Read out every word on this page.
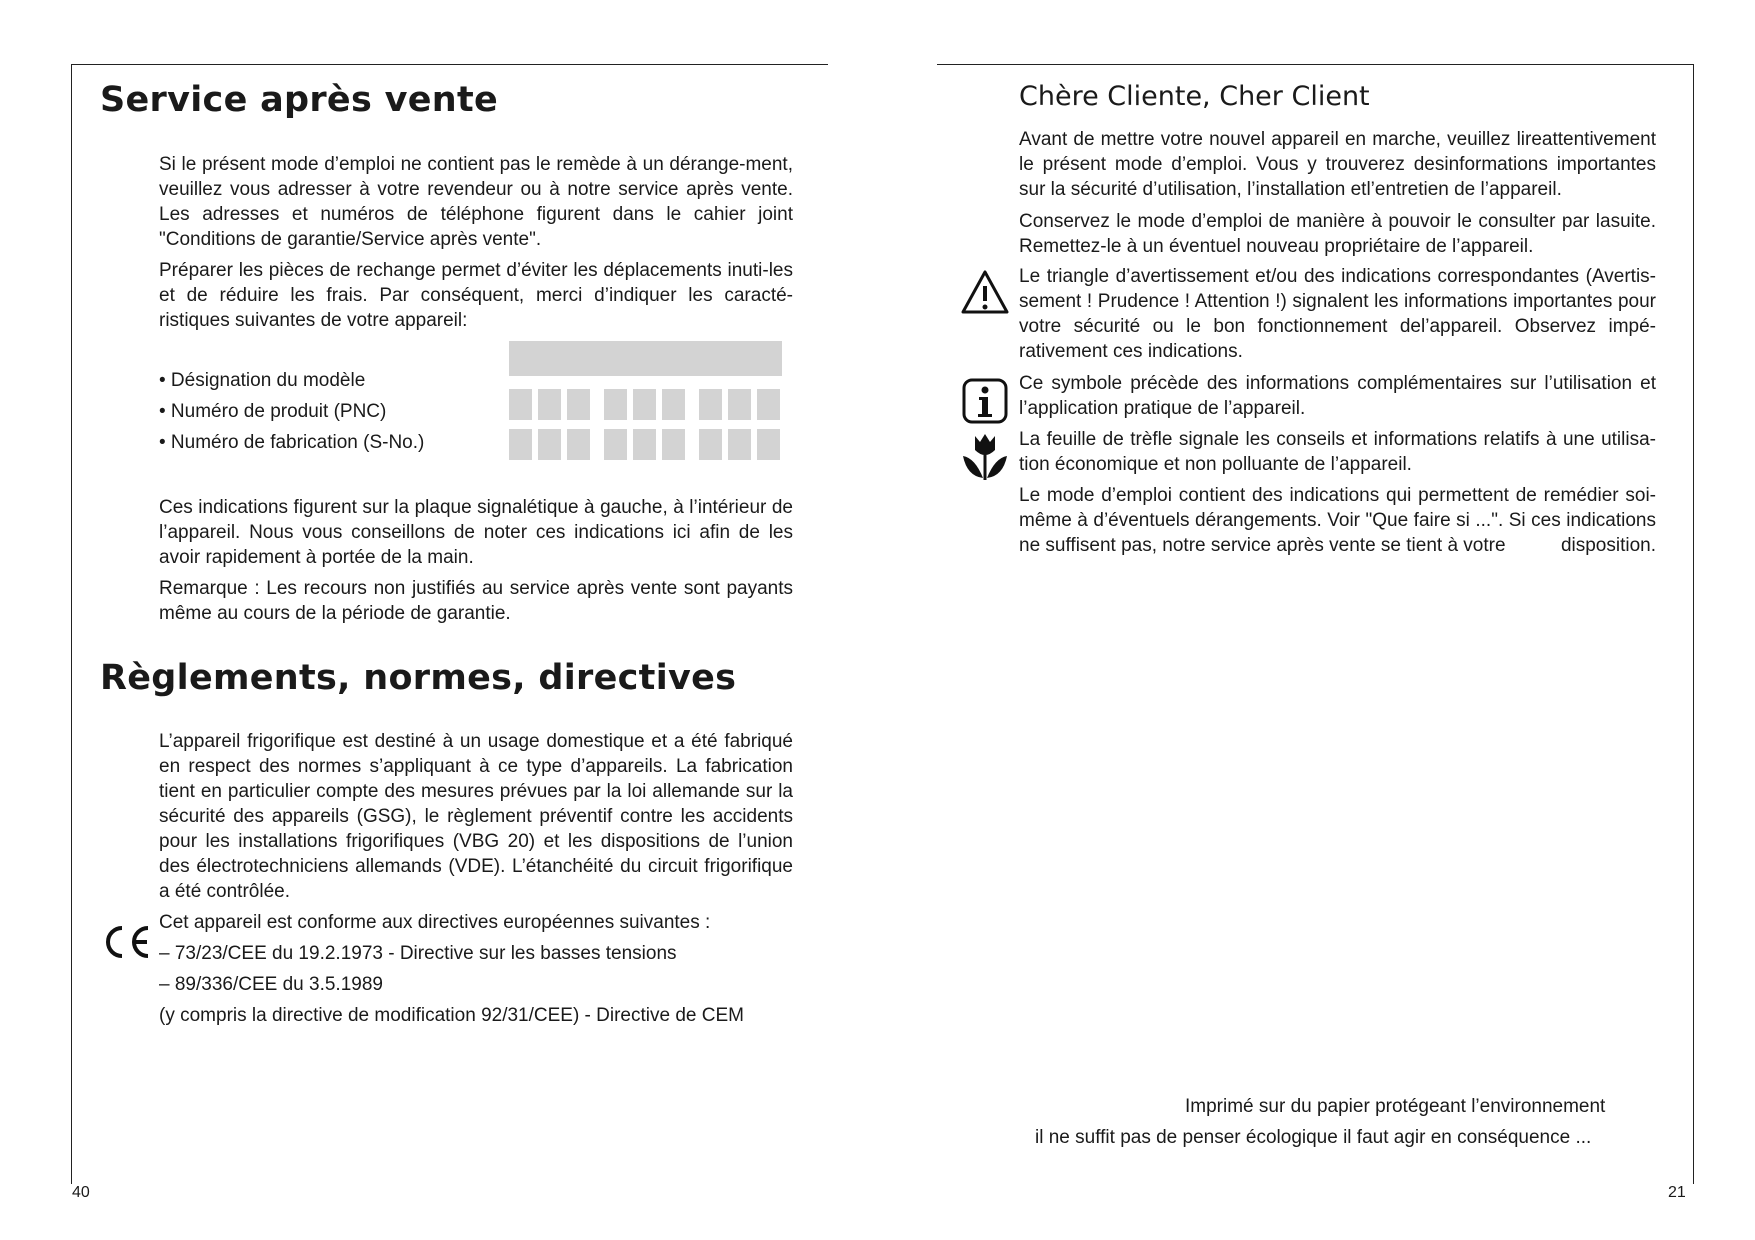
Service après vente

Si le présent mode d’emploi ne contient pas le remède à un dérange-ment, veuillez vous adresser à votre revendeur ou à notre service après vente. Les adresses et numéros de téléphone figurent dans le cahier joint "Conditions de garantie/Service après vente".

Préparer les pièces de rechange permet d’éviter les déplacements inuti-les et de réduire les frais. Par conséquent, merci d’indiquer les caracté-ristiques suivantes de votre appareil:

• Désignation du modèle
• Numéro de produit (PNC)
• Numéro de fabrication (S-No.)

Ces indications figurent sur la plaque signalétique à gauche, à l’intérieur de l’appareil. Nous vous conseillons de noter ces indications ici afin de les avoir rapidement à portée de la main.

Remarque : Les recours non justifiés au service après vente sont payants même au cours de la période de garantie.

Règlements, normes, directives

L’appareil frigorifique est destiné à un usage domestique et a été fabriqué en respect des normes s’appliquant à ce type d’appareils. La fabrication tient en particulier compte des mesures prévues par la loi allemande sur la sécurité des appareils (GSG), le règlement préventif contre les accidents pour les installations frigorifiques (VBG 20) et les dispositions de l’union des électrotechniciens allemands (VDE). L’étanchéité du circuit frigorifique a été contrôlée.

Cet appareil est conforme aux directives européennes suivantes :
– 73/23/CEE du 19.2.1973 - Directive sur les basses tensions
– 89/336/CEE du 3.5.1989
(y compris la directive de modification 92/31/CEE) - Directive de CEM
40
Chère Cliente, Cher Client

Avant de mettre votre nouvel appareil en marche, veuillez lireattentivement le présent mode d’emploi. Vous y trouverez desinformations importantes sur la sécurité d’utilisation, l’installation etl’entretien de l’appareil.

Conservez le mode d’emploi de manière à pouvoir le consulter par lasuite. Remettez-le à un éventuel nouveau propriétaire de l’appareil.

Le triangle d’avertissement et/ou des indications correspondantes (Avertis-sement ! Prudence ! Attention !) signalent les informations importantes pour votre sécurité ou le bon fonctionnement del’appareil. Observez impé-rativement ces indications.

Ce symbole précède des informations complémentaires sur l’utilisation et l’application pratique de l’appareil.

La feuille de trèfle signale les conseils et informations relatifs à une utilisa-tion économique et non polluante de l’appareil.

Le mode d’emploi contient des indications qui permettent de remédier soi-même à d’éventuels dérangements. Voir "Que faire si ...". Si ces indications ne suffisent pas, notre service après vente se tient à votre	disposition.
Imprimé sur du papier protégeant l’environnement
il ne suffit pas de penser écologique il faut agir en conséquence ...
21
